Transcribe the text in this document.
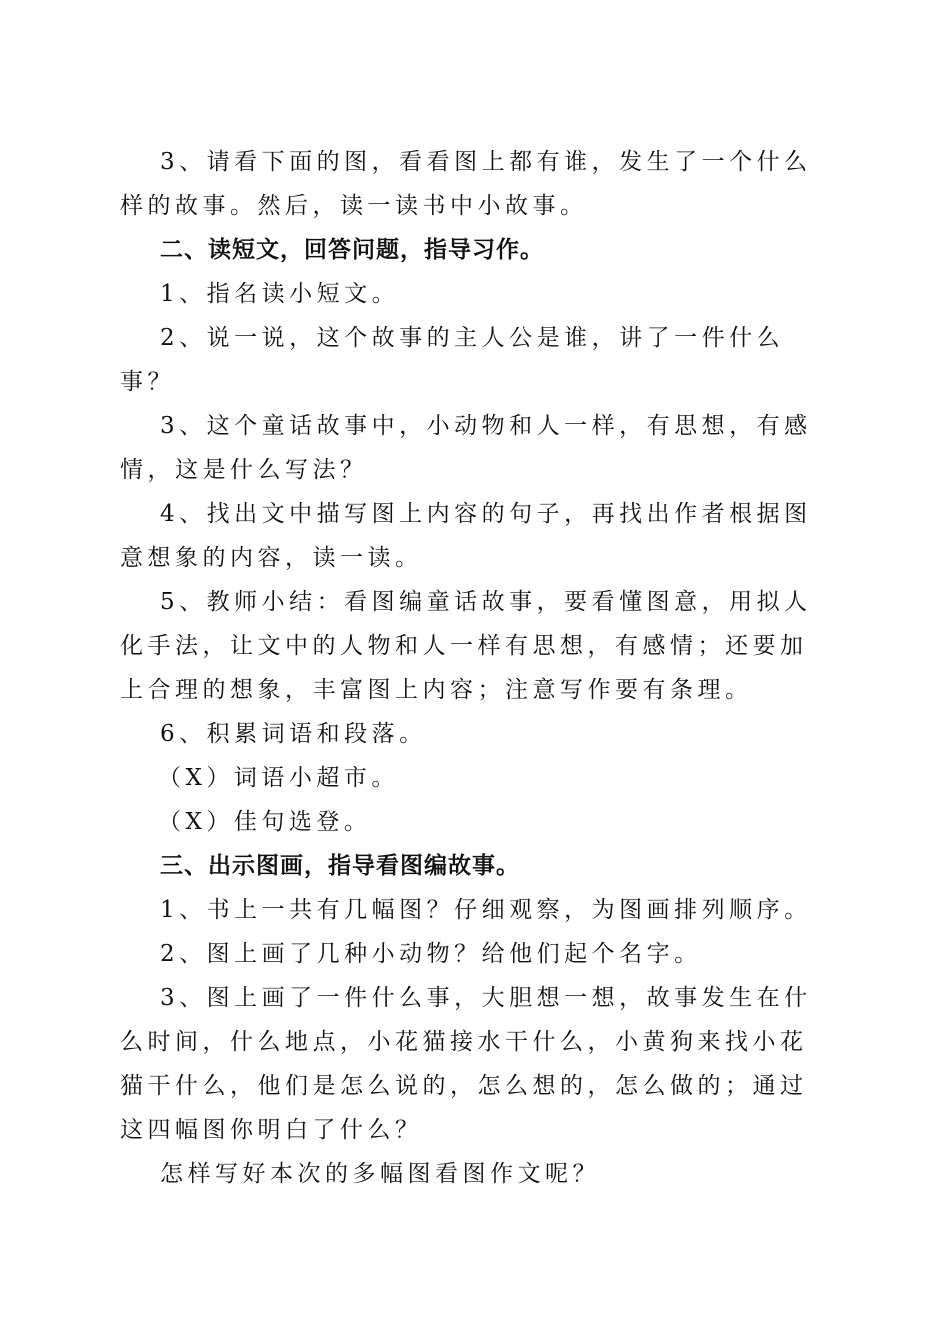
3、请看下面的图，看看图上都有谁，发生了一个什么样的故事。然后，读一读书中小故事。

二、读短文，回答问题，指导习作。

1、指名读小短文。

2、说一说，这个故事的主人公是谁，讲了一件什么事？

3、这个童话故事中，小动物和人一样，有思想，有感情，这是什么写法？

4、找出文中描写图上内容的句子，再找出作者根据图意想象的内容，读一读。

5、教师小结：看图编童话故事，要看懂图意，用拟人化手法，让文中的人物和人一样有思想，有感情；还要加上合理的想象，丰富图上内容；注意写作要有条理。

6、积累词语和段落。

（X）词语小超市。

（X）佳句选登。

三、出示图画，指导看图编故事。

1、书上一共有几幅图？仔细观察，为图画排列顺序。

2、图上画了几种小动物？给他们起个名字。

3、图上画了一件什么事，大胆想一想，故事发生在什么时间，什么地点，小花猫接水干什么，小黄狗来找小花猫干什么，他们是怎么说的，怎么想的，怎么做的；通过这四幅图你明白了什么？

怎样写好本次的多幅图看图作文呢？
